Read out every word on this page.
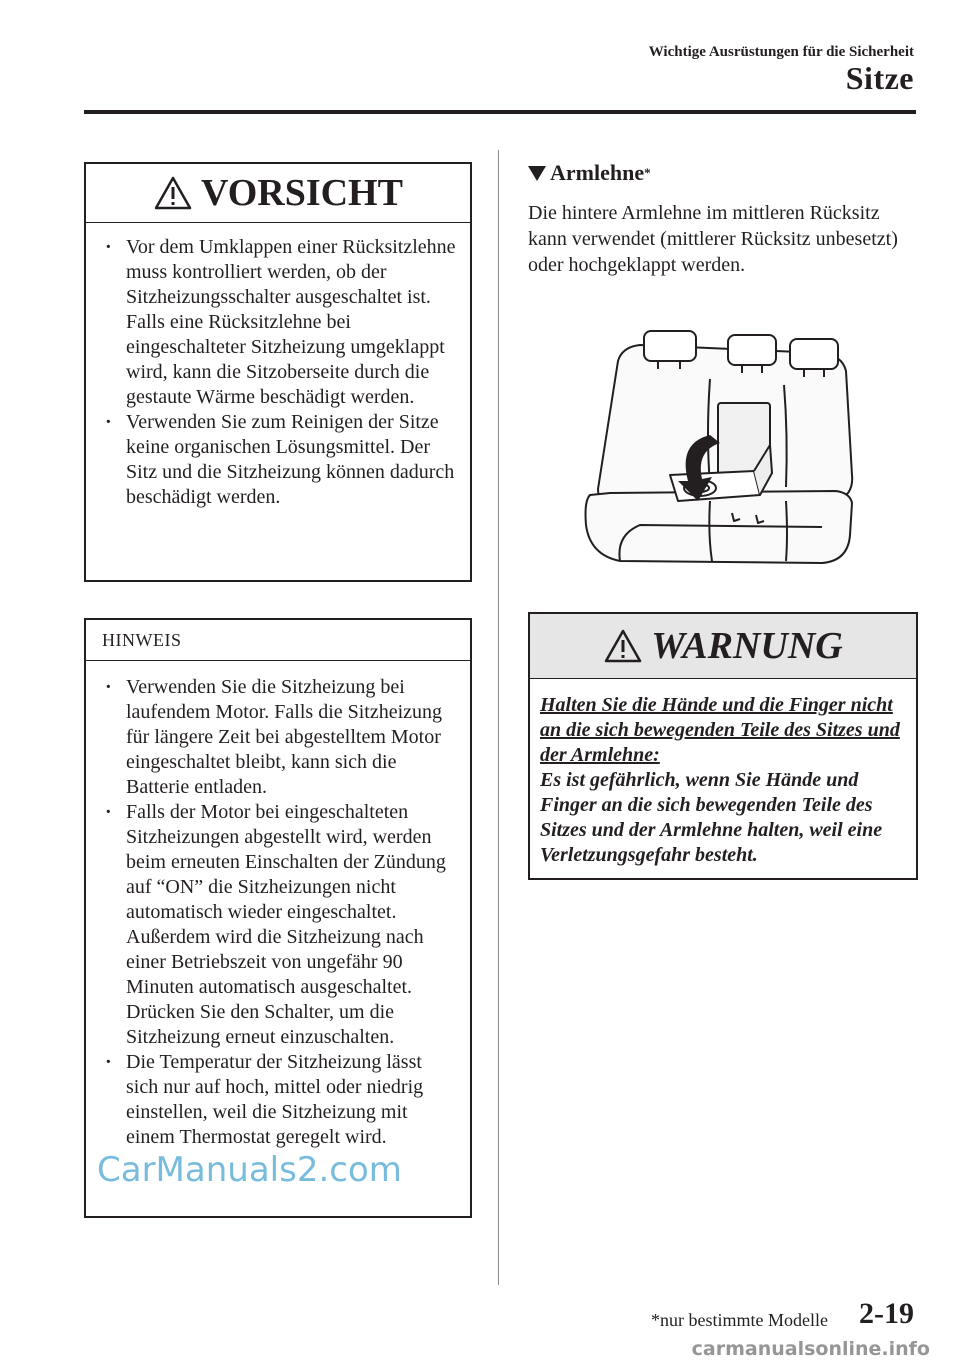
Wichtige Ausrüstungen für die Sicherheit
Sitze
VORSICHT
· Vor dem Umklappen einer Rücksitzlehne muss kontrolliert werden, ob der Sitzheizungsschalter ausgeschaltet ist. Falls eine Rücksitzlehne bei eingeschalteter Sitzheizung umgeklappt wird, kann die Sitzoberseite durch die gestaute Wärme beschädigt werden.
· Verwenden Sie zum Reinigen der Sitze keine organischen Lösungsmittel. Der Sitz und die Sitzheizung können dadurch beschädigt werden.
HINWEIS
· Verwenden Sie die Sitzheizung bei laufendem Motor. Falls die Sitzheizung für längere Zeit bei abgestelltem Motor eingeschaltet bleibt, kann sich die Batterie entladen.
· Falls der Motor bei eingeschalteten Sitzheizungen abgestellt wird, werden beim erneuten Einschalten der Zündung auf “ON” die Sitzheizungen nicht automatisch wieder eingeschaltet. Außerdem wird die Sitzheizung nach einer Betriebszeit von ungefähr 90 Minuten automatisch ausgeschaltet. Drücken Sie den Schalter, um die Sitzheizung erneut einzuschalten.
· Die Temperatur der Sitzheizung lässt sich nur auf hoch, mittel oder niedrig einstellen, weil die Sitzheizung mit einem Thermostat geregelt wird.
Armlehne *
Die hintere Armlehne im mittleren Rücksitz kann verwendet (mittlerer Rücksitz unbesetzt) oder hochgeklappt werden.
WARNUNG
Halten Sie die Hände und die Finger nicht an die sich bewegenden Teile des Sitzes und der Armlehne:
Es ist gefährlich, wenn Sie Hände und Finger an die sich bewegenden Teile des Sitzes und der Armlehne halten, weil eine Verletzungsgefahr besteht.
*nur bestimmte Modelle 2-19
CarManuals2.com
carmanualsonline.info
